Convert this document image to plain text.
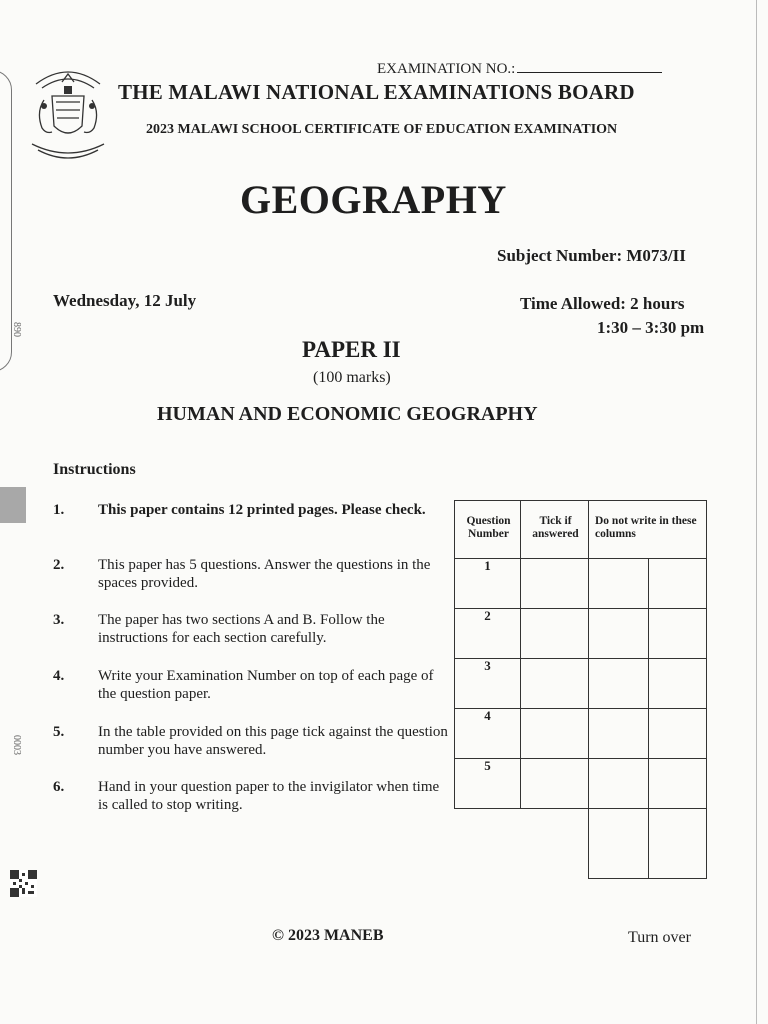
890
0003
EXAMINATION NO.:
THE MALAWI NATIONAL EXAMINATIONS BOARD
2023 MALAWI SCHOOL CERTIFICATE OF EDUCATION EXAMINATION
GEOGRAPHY
Subject Number: M073/II
Wednesday, 12 July	Time Allowed: 2 hours
1:30 – 3:30 pm
PAPER II
(100 marks)
HUMAN AND ECONOMIC GEOGRAPHY
Instructions
1. This paper contains 12 printed pages. Please check.
2. This paper has 5 questions. Answer the questions in the spaces provided.
3. The paper has two sections A and B. Follow the instructions for each section carefully.
4. Write your Examination Number on top of each page of the question paper.
5. In the table provided on this page tick against the question number you have answered.
6. Hand in your question paper to the invigilator when time is called to stop writing.
Question Number	Tick if answered	Do not write in these columns	
1			
2			
3			
4			
5			

© 2023 MANEB	Turn over
